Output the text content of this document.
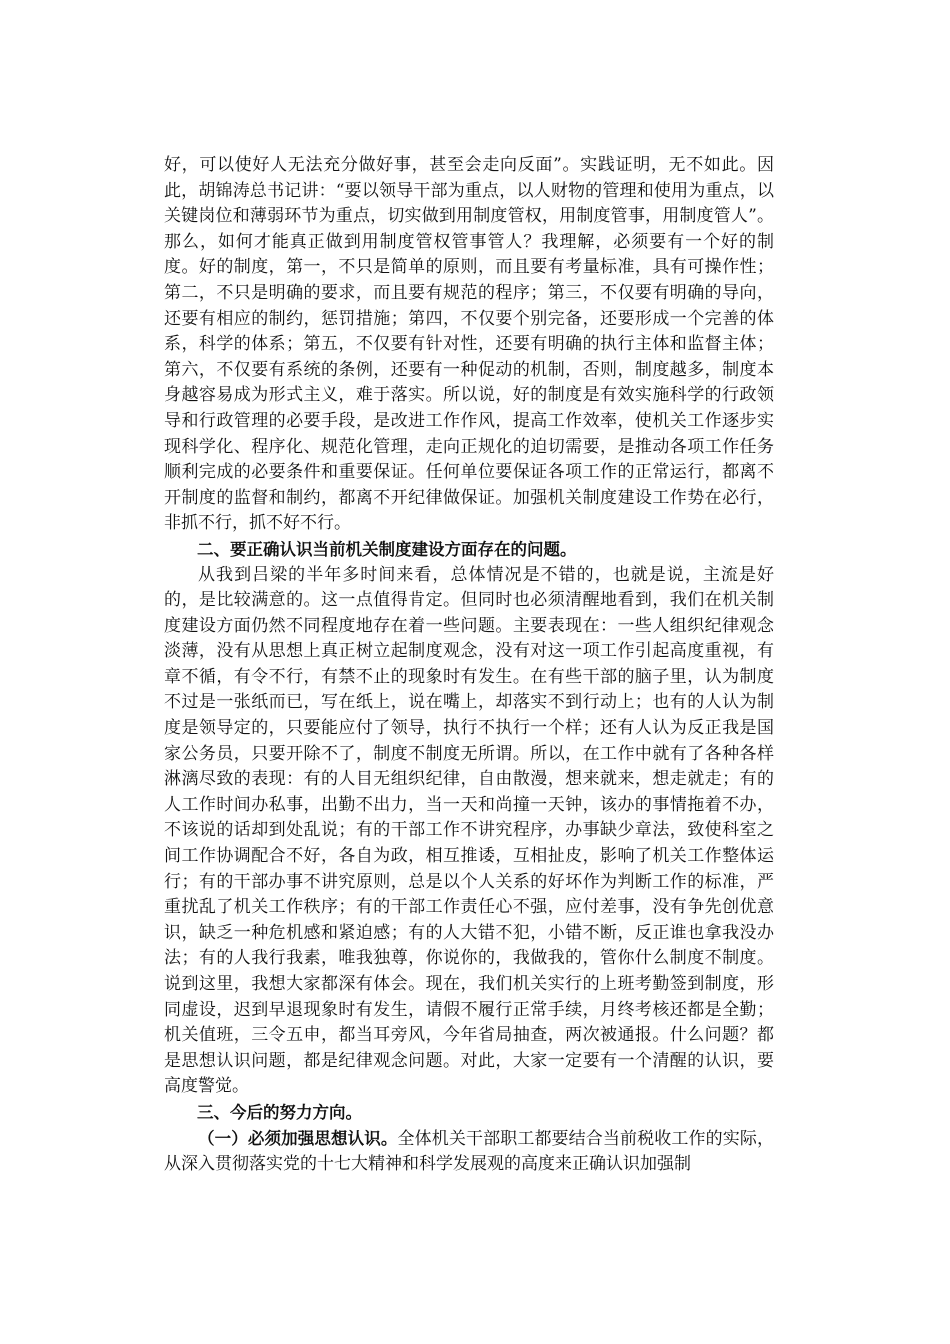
好，可以使好人无法充分做好事，甚至会走向反面”。实践证明，无不如此。因此，胡锦涛总书记讲：“要以领导干部为重点，以人财物的管理和使用为重点，以关键岗位和薄弱环节为重点，切实做到用制度管权，用制度管事，用制度管人”。那么，如何才能真正做到用制度管权管事管人？我理解，必须要有一个好的制度。好的制度，第一，不只是简单的原则，而且要有考量标准，具有可操作性；第二，不只是明确的要求，而且要有规范的程序；第三，不仅要有明确的导向，还要有相应的制约，惩罚措施；第四，不仅要个别完备，还要形成一个完善的体系，科学的体系；第五，不仅要有针对性，还要有明确的执行主体和监督主体；第六，不仅要有系统的条例，还要有一种促动的机制，否则，制度越多，制度本身越容易成为形式主义，难于落实。所以说，好的制度是有效实施科学的行政领导和行政管理的必要手段，是改进工作作风，提高工作效率，使机关工作逐步实现科学化、程序化、规范化管理，走向正规化的迫切需要，是推动各项工作任务顺利完成的必要条件和重要保证。任何单位要保证各项工作的正常运行，都离不开制度的监督和制约，都离不开纪律做保证。加强机关制度建设工作势在必行，非抓不行，抓不好不行。

二、要正确认识当前机关制度建设方面存在的问题。

从我到吕梁的半年多时间来看，总体情况是不错的，也就是说，主流是好的，是比较满意的。这一点值得肯定。但同时也必须清醒地看到，我们在机关制度建设方面仍然不同程度地存在着一些问题。主要表现在：一些人组织纪律观念淡薄，没有从思想上真正树立起制度观念，没有对这一项工作引起高度重视，有章不循，有令不行，有禁不止的现象时有发生。在有些干部的脑子里，认为制度不过是一张纸而已，写在纸上，说在嘴上，却落实不到行动上；也有的人认为制度是领导定的，只要能应付了领导，执行不执行一个样；还有人认为反正我是国家公务员，只要开除不了，制度不制度无所谓。所以，在工作中就有了各种各样淋漓尽致的表现：有的人目无组织纪律，自由散漫，想来就来，想走就走；有的人工作时间办私事，出勤不出力，当一天和尚撞一天钟，该办的事情拖着不办，不该说的话却到处乱说；有的干部工作不讲究程序，办事缺少章法，致使科室之间工作协调配合不好，各自为政，相互推诿，互相扯皮，影响了机关工作整体运行；有的干部办事不讲究原则，总是以个人关系的好坏作为判断工作的标准，严重扰乱了机关工作秩序；有的干部工作责任心不强，应付差事，没有争先创优意识，缺乏一种危机感和紧迫感；有的人大错不犯，小错不断，反正谁也拿我没办法；有的人我行我素，唯我独尊，你说你的，我做我的，管你什么制度不制度。说到这里，我想大家都深有体会。现在，我们机关实行的上班考勤签到制度，形同虚设，迟到早退现象时有发生，请假不履行正常手续，月终考核还都是全勤；机关值班，三令五申，都当耳旁风，今年省局抽查，两次被通报。什么问题？都是思想认识问题，都是纪律观念问题。对此，大家一定要有一个清醒的认识，要高度警觉。

三、今后的努力方向。

（一）必须加强思想认识。全体机关干部职工都要结合当前税收工作的实际，从深入贯彻落实党的十七大精神和科学发展观的高度来正确认识加强制
